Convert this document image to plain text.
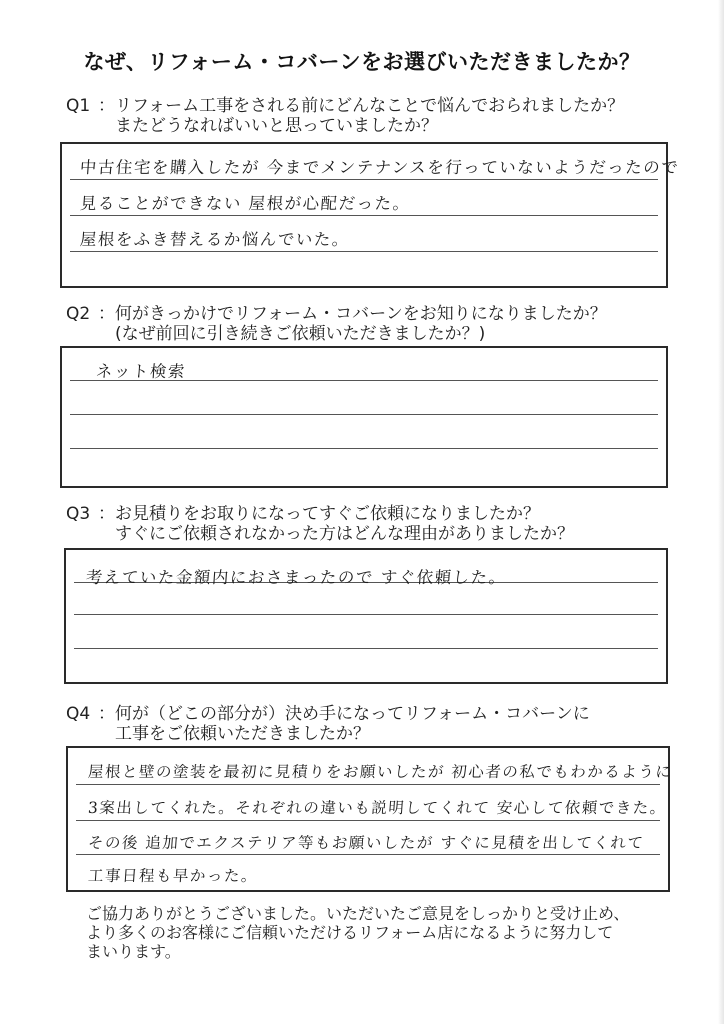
なぜ、リフォーム・コバーンをお選びいただきましたか？
Q1 ：リフォーム工事をされる前にどんなことで悩んでおられましたか？
　またどうなればいいと思っていましたか？
中古住宅を購入したが 今までメンテナンスを行っていないようだったので
見ることができない 屋根が心配だった。
屋根をふき替えるか悩んでいた。
Q2 ：何がきっかけでリフォーム・コバーンをお知りになりましたか？
　(なぜ前回に引き続きご依頼いただきましたか？)
ネット検索
Q3 ：お見積りをお取りになってすぐご依頼になりましたか？
　すぐにご依頼されなかった方はどんな理由がありましたか？
考えていた金額内におさまったので すぐ依頼した。
Q4 ：何が（どこの部分が）決め手になってリフォーム・コバーンに
　工事をご依頼いただきましたか？
屋根と壁の塗装を最初に見積りをお願いしたが 初心者の私でもわかるように
3案出してくれた。それぞれの違いも説明してくれて 安心して依頼できた。
その後 追加でエクステリア等もお願いしたが すぐに見積を出してくれて
工事日程も早かった。
ご協力ありがとうございました。いただいたご意見をしっかりと受け止め、
より多くのお客様にご信頼いただけるリフォーム店になるように努力して
まいります。
